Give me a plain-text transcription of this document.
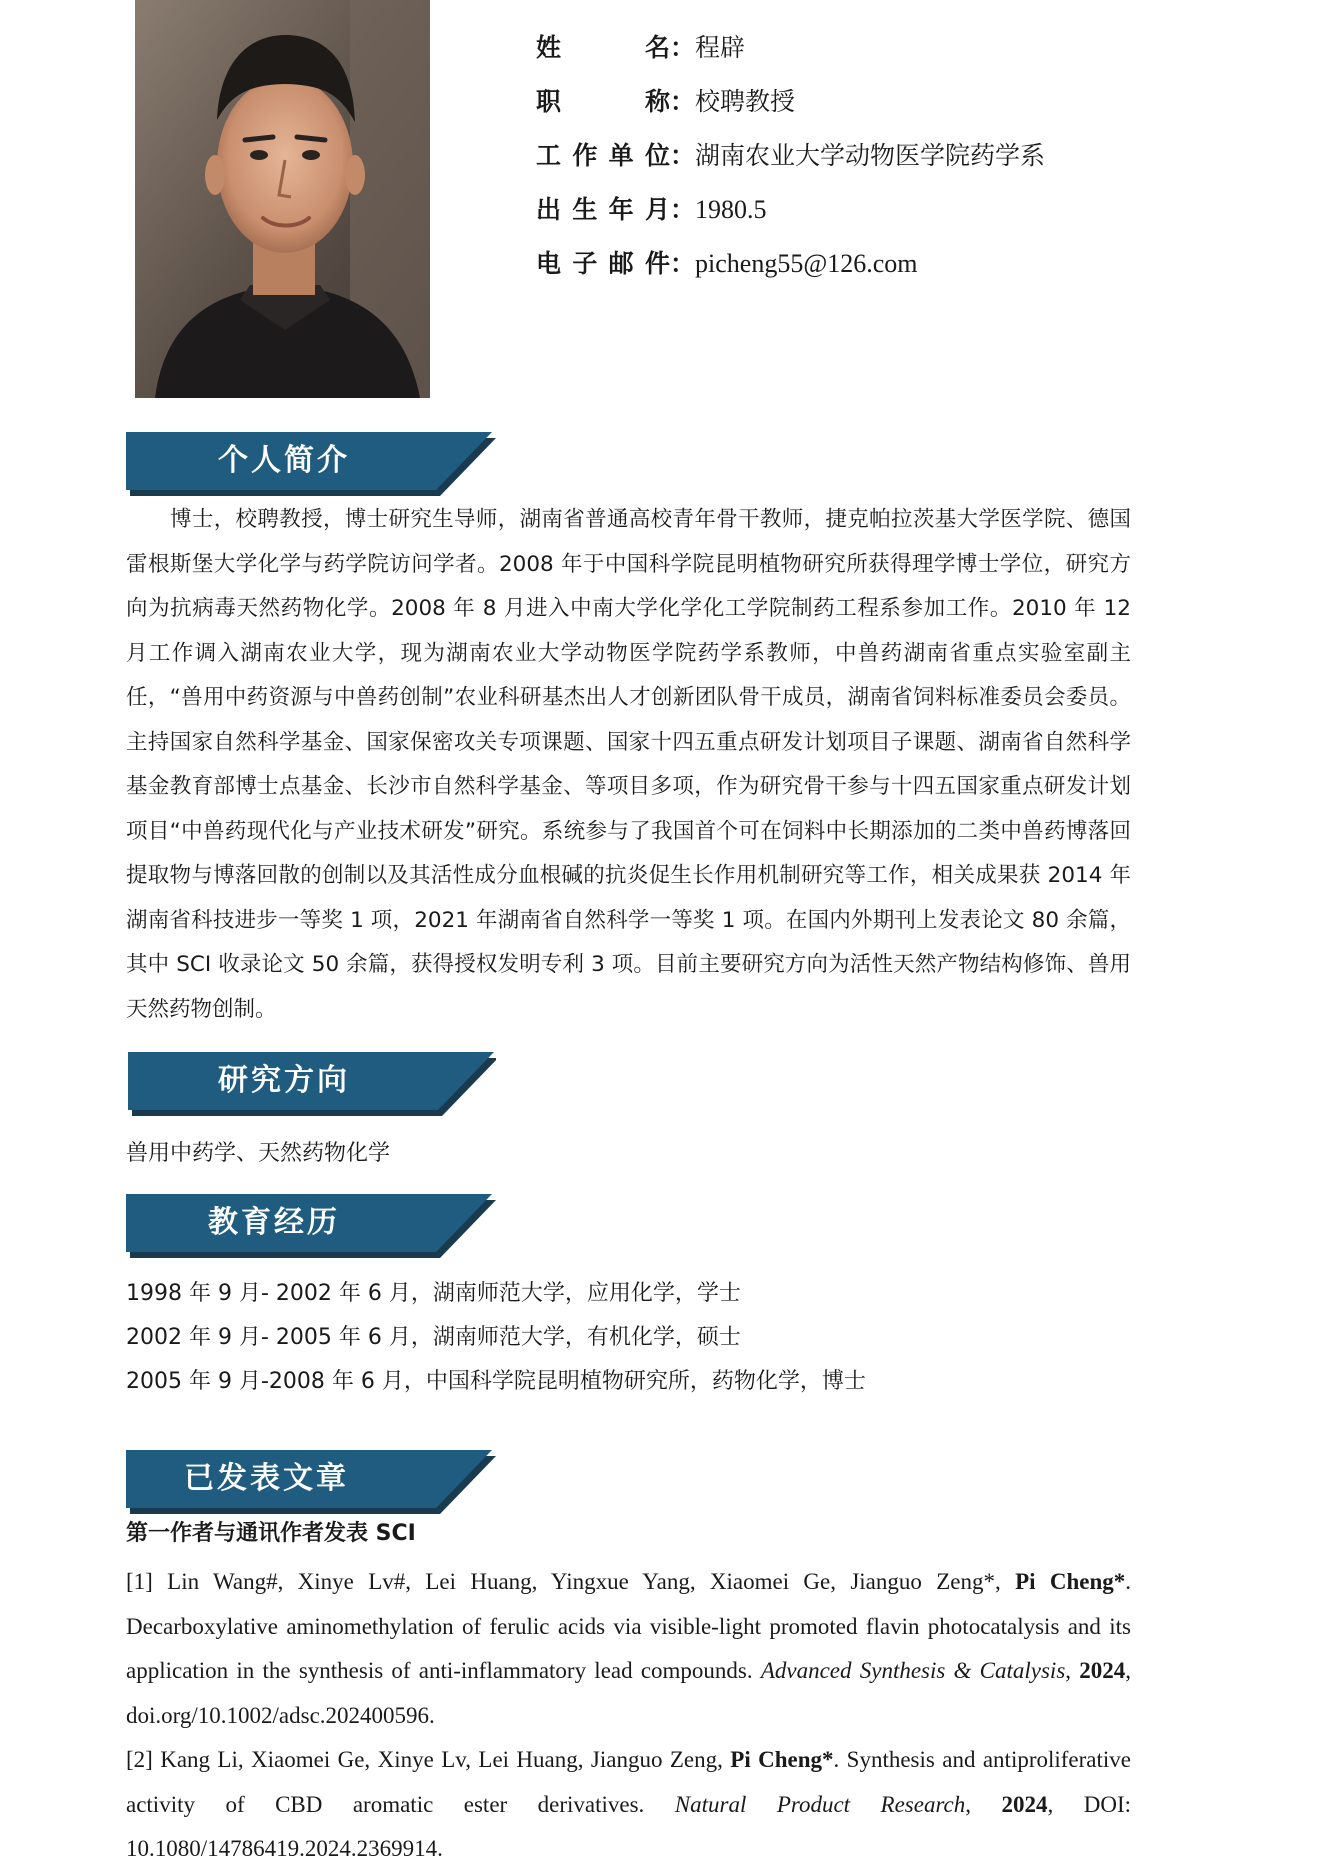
姓　　名：程辟
职　　称：校聘教授
工作单位：湖南农业大学动物医学院药学系
出生年月：1980.5
电子邮件：picheng55@126.com
个人简介
博士，校聘教授，博士研究生导师，湖南省普通高校青年骨干教师，捷克帕拉茨基大学医学院、德国雷根斯堡大学化学与药学院访问学者。2008 年于中国科学院昆明植物研究所获得理学博士学位，研究方向为抗病毒天然药物化学。2008 年 8 月进入中南大学化学化工学院制药工程系参加工作。2010 年 12 月工作调入湖南农业大学，现为湖南农业大学动物医学院药学系教师，中兽药湖南省重点实验室副主任，“兽用中药资源与中兽药创制”农业科研基杰出人才创新团队骨干成员，湖南省饲料标准委员会委员。主持国家自然科学基金、国家保密攻关专项课题、国家十四五重点研发计划项目子课题、湖南省自然科学基金教育部博士点基金、长沙市自然科学基金、等项目多项，作为研究骨干参与十四五国家重点研发计划项目“中兽药现代化与产业技术研发”研究。系统参与了我国首个可在饲料中长期添加的二类中兽药博落回提取物与博落回散的创制以及其活性成分血根碱的抗炎促生长作用机制研究等工作，相关成果获 2014 年湖南省科技进步一等奖 1 项，2021 年湖南省自然科学一等奖 1 项。在国内外期刊上发表论文 80 余篇，其中 SCI 收录论文 50 余篇，获得授权发明专利 3 项。目前主要研究方向为活性天然产物结构修饰、兽用天然药物创制。
研究方向
兽用中药学、天然药物化学
教育经历
1998 年 9 月- 2002 年 6 月，湖南师范大学，应用化学，学士
2002 年 9 月- 2005 年 6 月，湖南师范大学，有机化学，硕士
2005 年 9 月-2008 年 6 月，中国科学院昆明植物研究所，药物化学，博士
已发表文章
第一作者与通讯作者发表 SCI
[1] Lin Wang#, Xinye Lv#, Lei Huang, Yingxue Yang, Xiaomei Ge, Jianguo Zeng*, Pi Cheng*. Decarboxylative aminomethylation of ferulic acids via visible-light promoted flavin photocatalysis and its application in the synthesis of anti-inflammatory lead compounds. Advanced Synthesis & Catalysis, 2024, doi.org/10.1002/adsc.202400596.
[2] Kang Li, Xiaomei Ge, Xinye Lv, Lei Huang, Jianguo Zeng, Pi Cheng*. Synthesis and antiproliferative activity of CBD aromatic ester derivatives. Natural Product Research, 2024, DOI: 10.1080/14786419.2024.2369914.
